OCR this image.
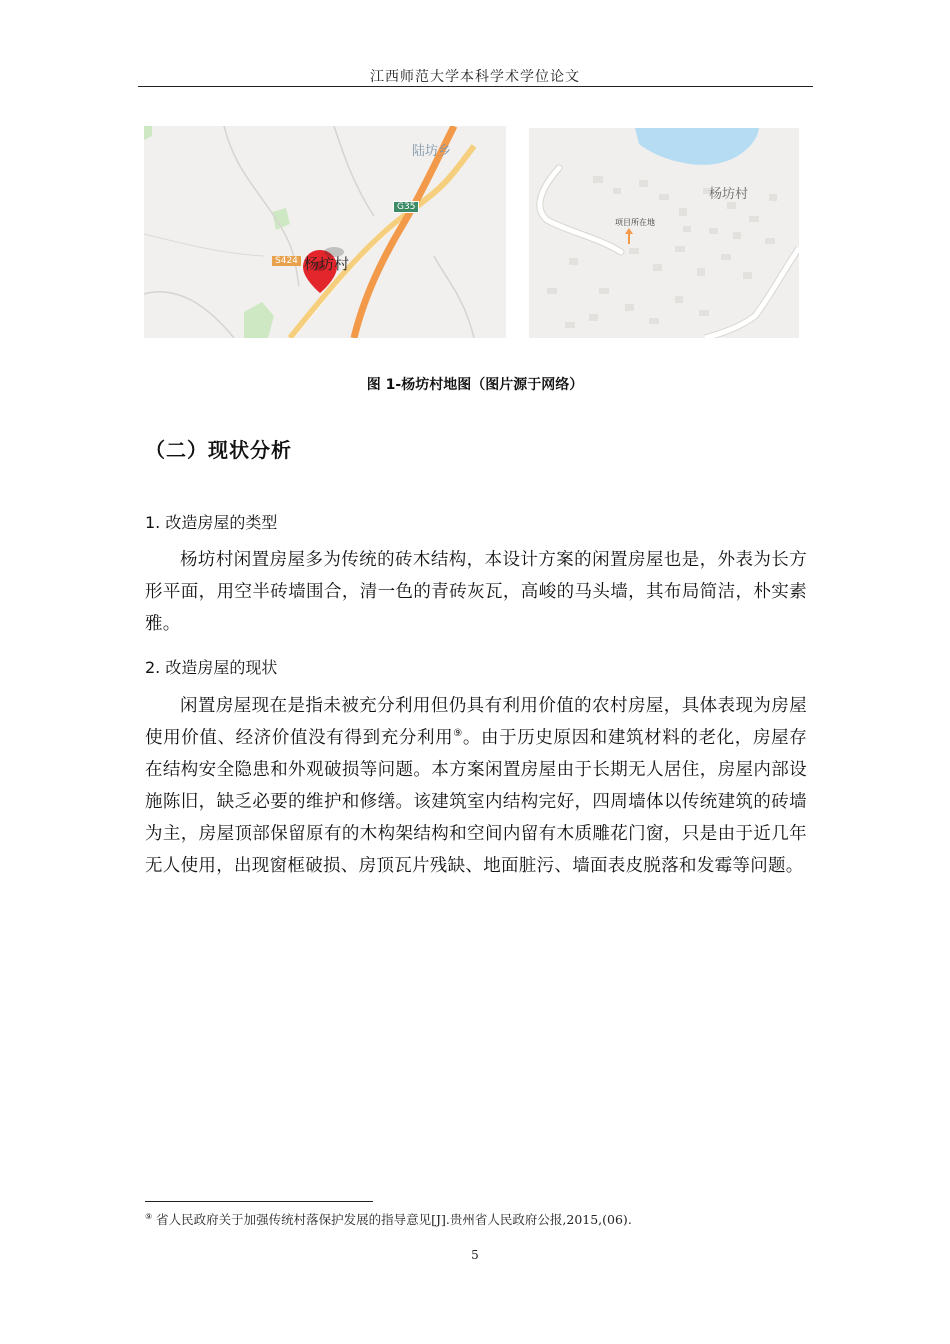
江西师范大学本科学术学位论文
陆坊乡
G35
S424 杨坊村
杨坊村
项目所在地
图 1-杨坊村地图（图片源于网络）
（二）现状分析
1. 改造房屋的类型
杨坊村闲置房屋多为传统的砖木结构，本设计方案的闲置房屋也是，外表为长方形平面，用空半砖墙围合，清一色的青砖灰瓦，高峻的马头墙，其布局简洁，朴实素雅。
2. 改造房屋的现状
闲置房屋现在是指未被充分利用但仍具有利用价值的农村房屋，具体表现为房屋使用价值、经济价值没有得到充分利用⑨。由于历史原因和建筑材料的老化，房屋存在结构安全隐患和外观破损等问题。本方案闲置房屋由于长期无人居住，房屋内部设施陈旧，缺乏必要的维护和修缮。该建筑室内结构完好，四周墙体以传统建筑的砖墙为主，房屋顶部保留原有的木构架结构和空间内留有木质雕花门窗，只是由于近几年无人使用，出现窗框破损、房顶瓦片残缺、地面脏污、墙面表皮脱落和发霉等问题。
⑨ 省人民政府关于加强传统村落保护发展的指导意见[J].贵州省人民政府公报,2015,(06).
5
